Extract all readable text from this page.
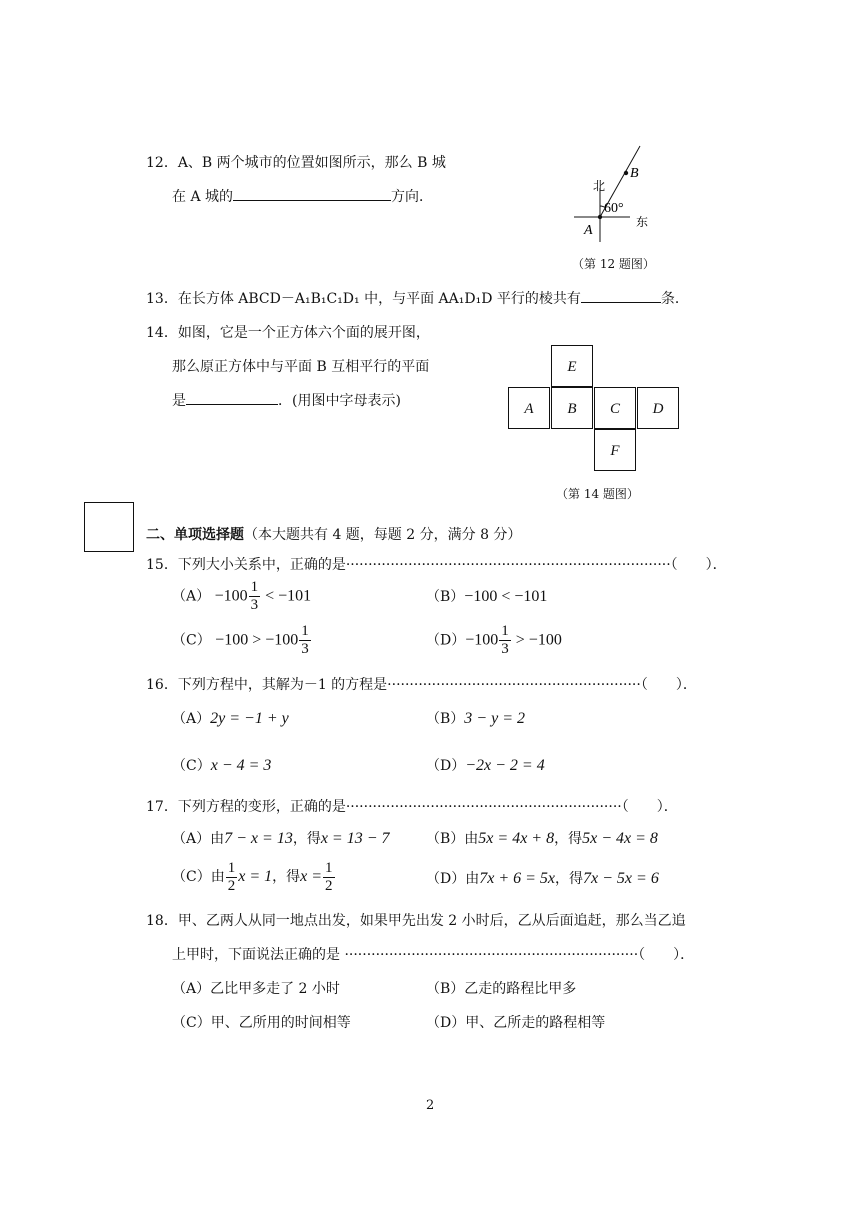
12．A、B 两个城市的位置如图所示，那么 B 城
在 A 城的	方向．
北
东
A
B
60°
（第 12 题图）
13．在长方体 ABCD－A₁B₁C₁D₁ 中，与平面 AA₁D₁D 平行的棱共有	条．
14．如图，它是一个正方体六个面的展开图，
那么原正方体中与平面 B 互相平行的平面
是	．(用图中字母表示)
E
A	B	C	D
F
（第 14 题图）
二、单项选择题（本大题共有 4 题，每题 2 分，满分 8 分）
15．下列大小关系中，正确的是·········································································（　　）．
$(A) -100 \frac{1}{3} < -101$	（B）−100 < −101
$(C) -100 > -100 \frac{1}{3}$	$(D)-100 \frac{1}{3} > -100$
16．下列方程中，其解为－1 的方程是·························································（　　）．
（A）2y = −1 + y	（B）3 − y = 2
（C）x − 4 = 3	（D）−2x − 2 = 4
17．下列方程的变形，正确的是······························································（　　）．
（A）由7 − x = 13，得x = 13 − 7	（B）由5x = 4x + 8，得5x − 4x = 8
（C）由 $\frac{1}{2}$ x = 1，得$x = \frac{1}{2}$	（D）由7x + 6 = 5x，得7x − 5x = 6
18．甲、乙两人从同一地点出发，如果甲先出发 2 小时后，乙从后面追赶，那么当乙追
上甲时，下面说法正确的是 ··································································（　　）．
（A）乙比甲多走了 2 小时	（B）乙走的路程比甲多
（C）甲、乙所用的时间相等	（D）甲、乙所走的路程相等
2
